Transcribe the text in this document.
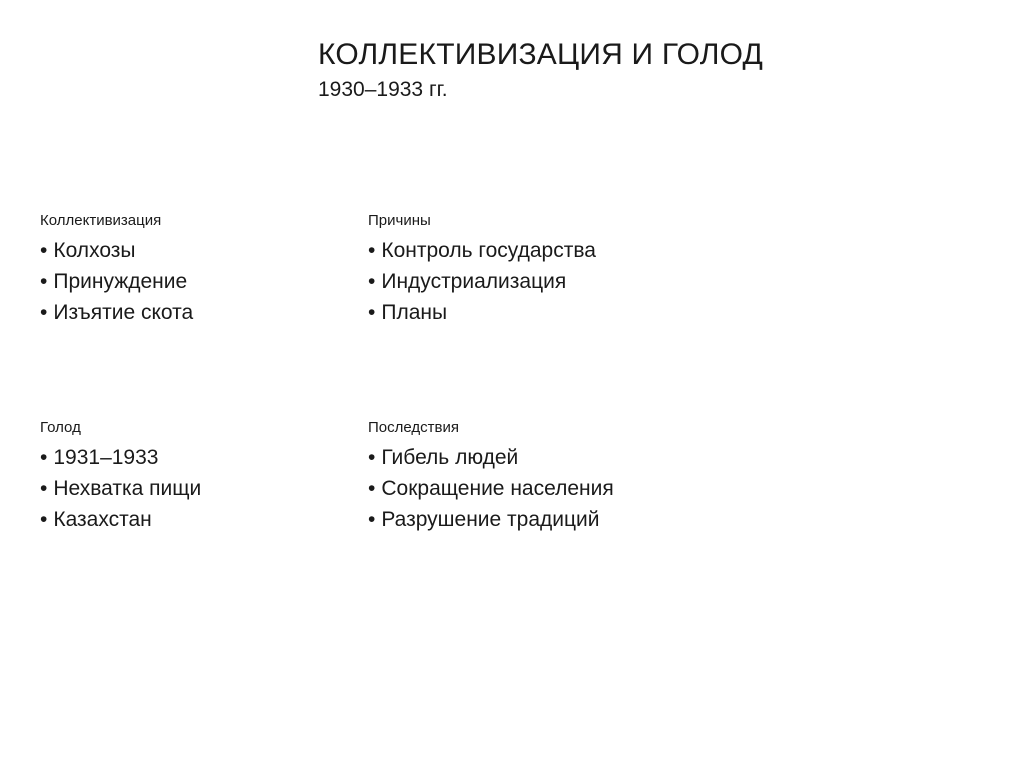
КОЛЛЕКТИВИЗАЦИЯ И ГОЛОД
1930–1933 гг.
Коллективизация
• Колхозы
• Принуждение
• Изъятие скота
Причины
• Контроль государства
• Индустриализация
• Планы
Голод
• 1931–1933
• Нехватка пищи
• Казахстан
Последствия
• Гибель людей
• Сокращение населения
• Разрушение традиций
